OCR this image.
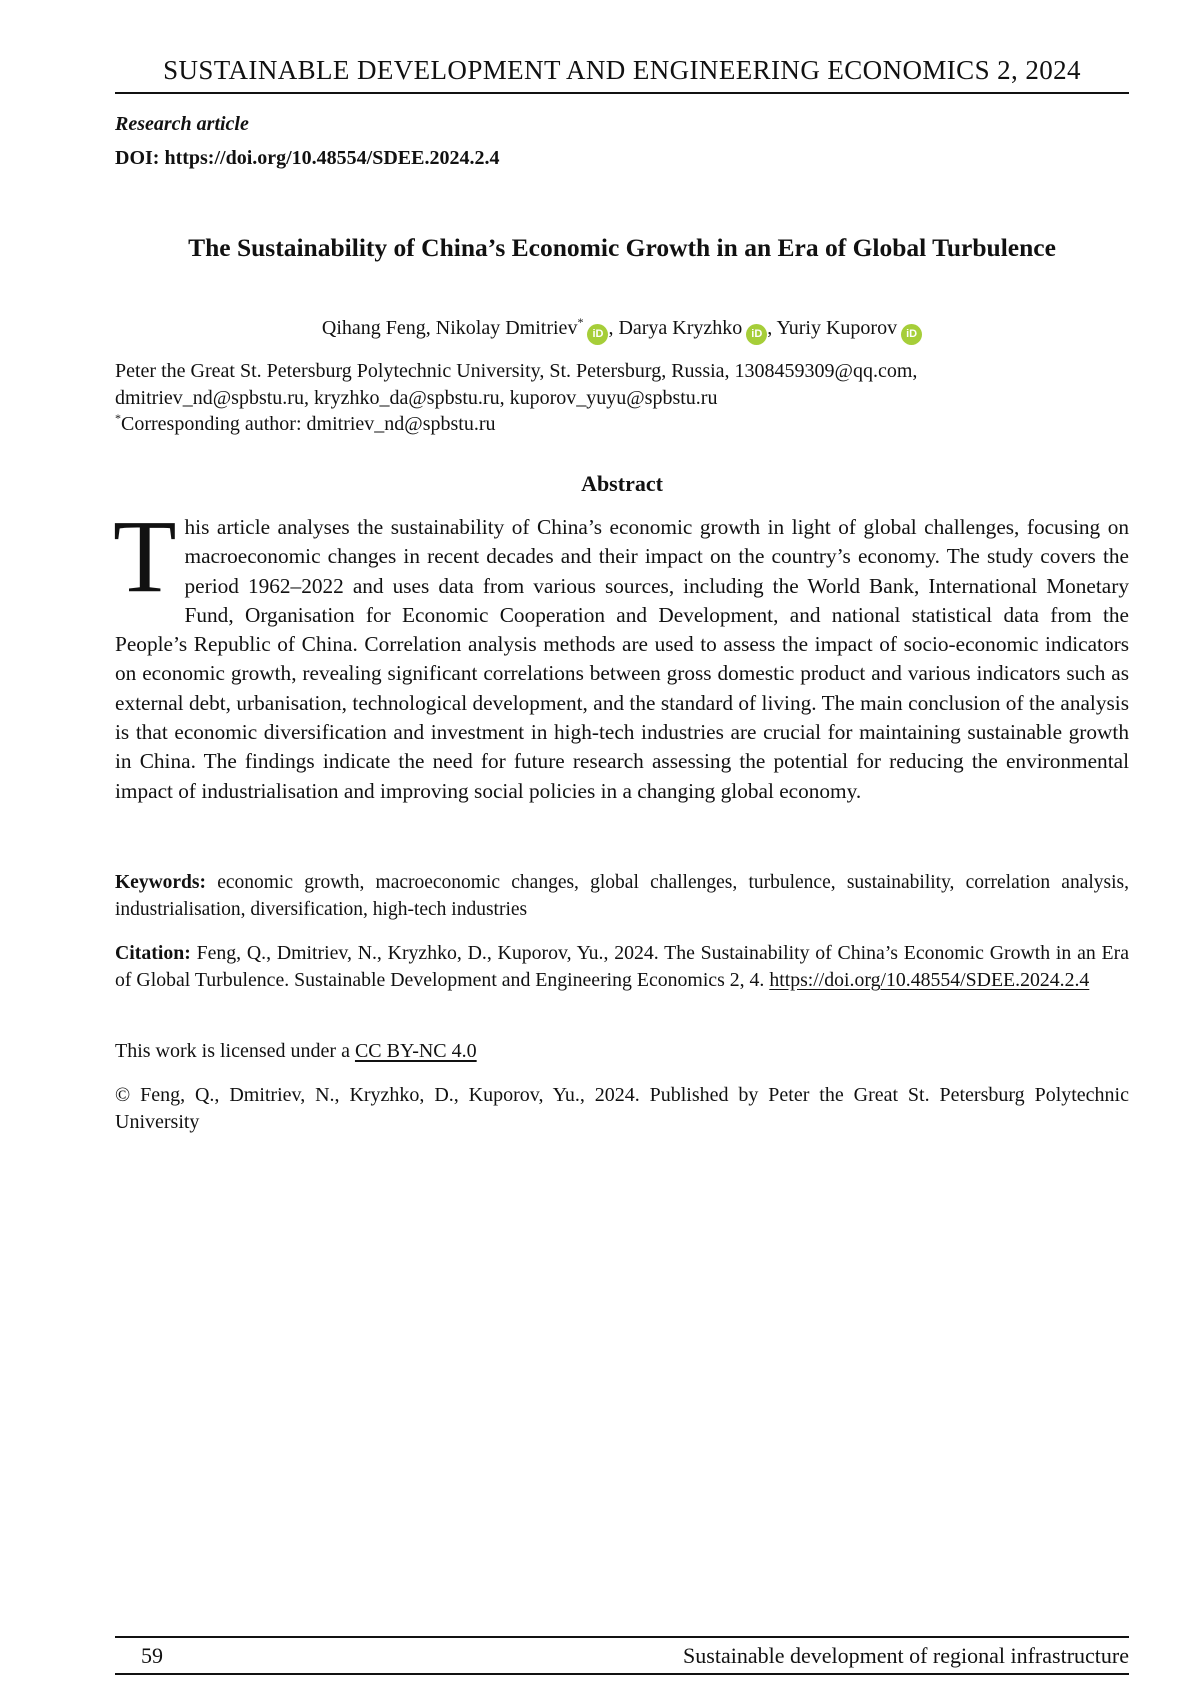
SUSTAINABLE DEVELOPMENT AND ENGINEERING ECONOMICS 2, 2024
Research article
DOI: https://doi.org/10.48554/SDEE.2024.2.4
The Sustainability of China’s Economic Growth in an Era of Global Turbulence
Qihang Feng, Nikolay Dmitriev*iD , Darya Kryzhko iD , Yuriy Kuporov iD
Peter the Great St. Petersburg Polytechnic University, St. Petersburg, Russia, 1308459309@qq.com,
dmitriev_nd@spbstu.ru, kryzhko_da@spbstu.ru, kuporov_yuyu@spbstu.ru
*Corresponding author: dmitriev_nd@spbstu.ru
Abstract
This article analyses the sustainability of China’s economic growth in light of global challenges, focusing on macroeconomic changes in recent decades and their impact on the country’s economy. The study covers the period 1962–2022 and uses data from various sources, including the World Bank, International Monetary Fund, Organisation for Economic Cooperation and Development, and national statistical data from the People’s Republic of China. Correlation analysis methods are used to assess the impact of socio-economic indicators on economic growth, revealing significant correlations between gross domestic product and various indicators such as external debt, urbanisation, technological development, and the standard of living. The main conclusion of the analysis is that economic diversification and investment in high-tech industries are crucial for maintaining sustainable growth in China. The findings indicate the need for future research assessing the potential for reducing the environmental impact of industrialisation and improving social policies in a changing global economy.
Keywords: economic growth, macroeconomic changes, global challenges, turbulence, sustainability, correlation analysis, industrialisation, diversification, high-tech industries
Citation: Feng, Q., Dmitriev, N., Kryzhko, D., Kuporov, Yu., 2024. The Sustainability of China’s Economic Growth in an Era of Global Turbulence. Sustainable Development and Engineering Economics 2, 4. https://doi.org/10.48554/SDEE.2024.2.4
This work is licensed under a CC BY-NC 4.0
© Feng, Q., Dmitriev, N., Kryzhko, D., Kuporov, Yu., 2024. Published by Peter the Great St. Petersburg Polytechnic University
59	Sustainable development of regional infrastructure
